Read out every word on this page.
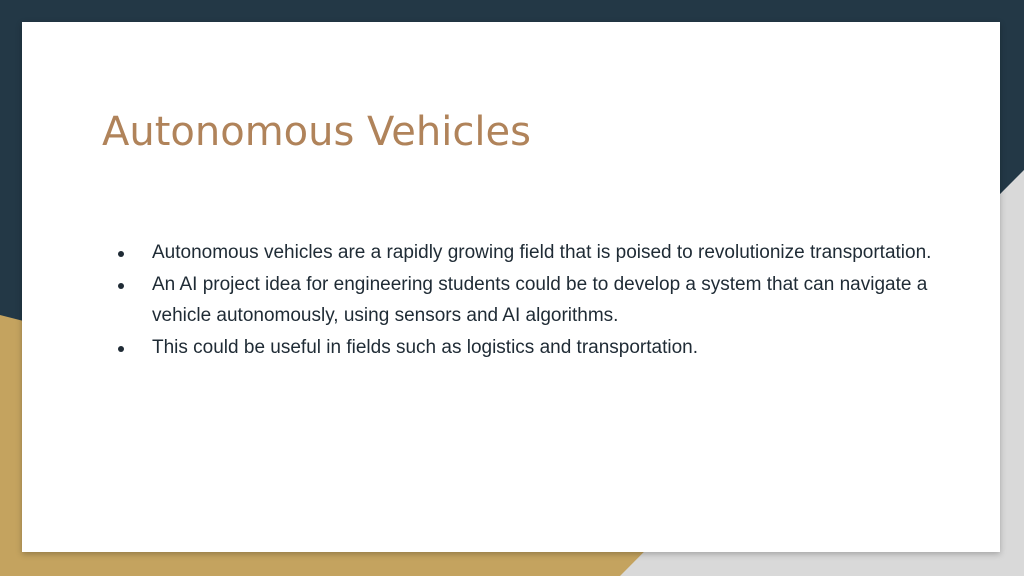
Autonomous Vehicles
Autonomous vehicles are a rapidly growing field that is poised to revolutionize transportation.
An AI project idea for engineering students could be to develop a system that can navigate a vehicle autonomously, using sensors and AI algorithms.
This could be useful in fields such as logistics and transportation.
